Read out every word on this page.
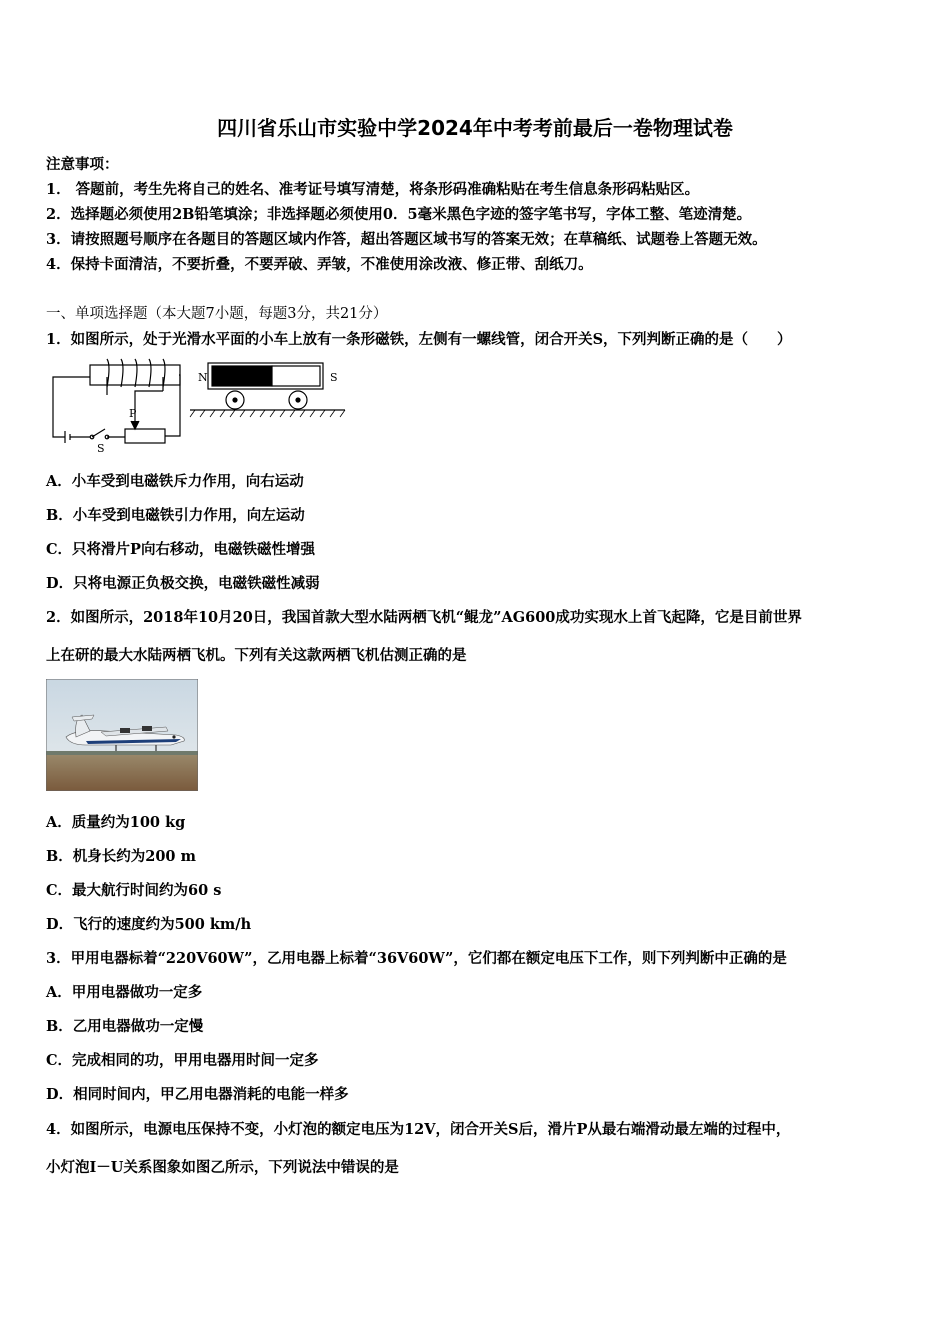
四川省乐山市实验中学2024年中考考前最后一卷物理试卷
注意事项：
1． 答题前，考生先将自己的姓名、准考证号填写清楚，将条形码准确粘贴在考生信息条形码粘贴区。
2．选择题必须使用2B铅笔填涂；非选择题必须使用0．5毫米黑色字迹的签字笔书写，字体工整、笔迹清楚。
3．请按照题号顺序在各题目的答题区域内作答，超出答题区域书写的答案无效；在草稿纸、试题卷上答题无效。
4．保持卡面清洁，不要折叠，不要弄破、弄皱，不准使用涂改液、修正带、刮纸刀。
一、单项选择题（本大题7小题，每题3分，共21分）
1．如图所示，处于光滑水平面的小车上放有一条形磁铁，左侧有一螺线管，闭合开关S，下列判断正确的是（　　）
P
S
N	S
A．小车受到电磁铁斥力作用，向右运动
B．小车受到电磁铁引力作用，向左运动
C．只将滑片P向右移动，电磁铁磁性增强
D．只将电源正负极交换，电磁铁磁性减弱
2．如图所示，2018年10月20日，我国首款大型水陆两栖飞机“鲲龙”AG600成功实现水上首飞起降，它是目前世界
上在研的最大水陆两栖飞机。下列有关这款两栖飞机估测正确的是
A．质量约为100 kg
B．机身长约为200 m
C．最大航行时间约为60 s
D．飞行的速度约为500 km/h
3．甲用电器标着“220V60W”，乙用电器上标着“36V60W”，它们都在额定电压下工作，则下列判断中正确的是
A．甲用电器做功一定多
B．乙用电器做功一定慢
C．完成相同的功，甲用电器用时间一定多
D．相同时间内，甲乙用电器消耗的电能一样多
4．如图所示，电源电压保持不变，小灯泡的额定电压为12V，闭合开关S后，滑片P从最右端滑动最左端的过程中，
小灯泡I－U关系图象如图乙所示，下列说法中错误的是
